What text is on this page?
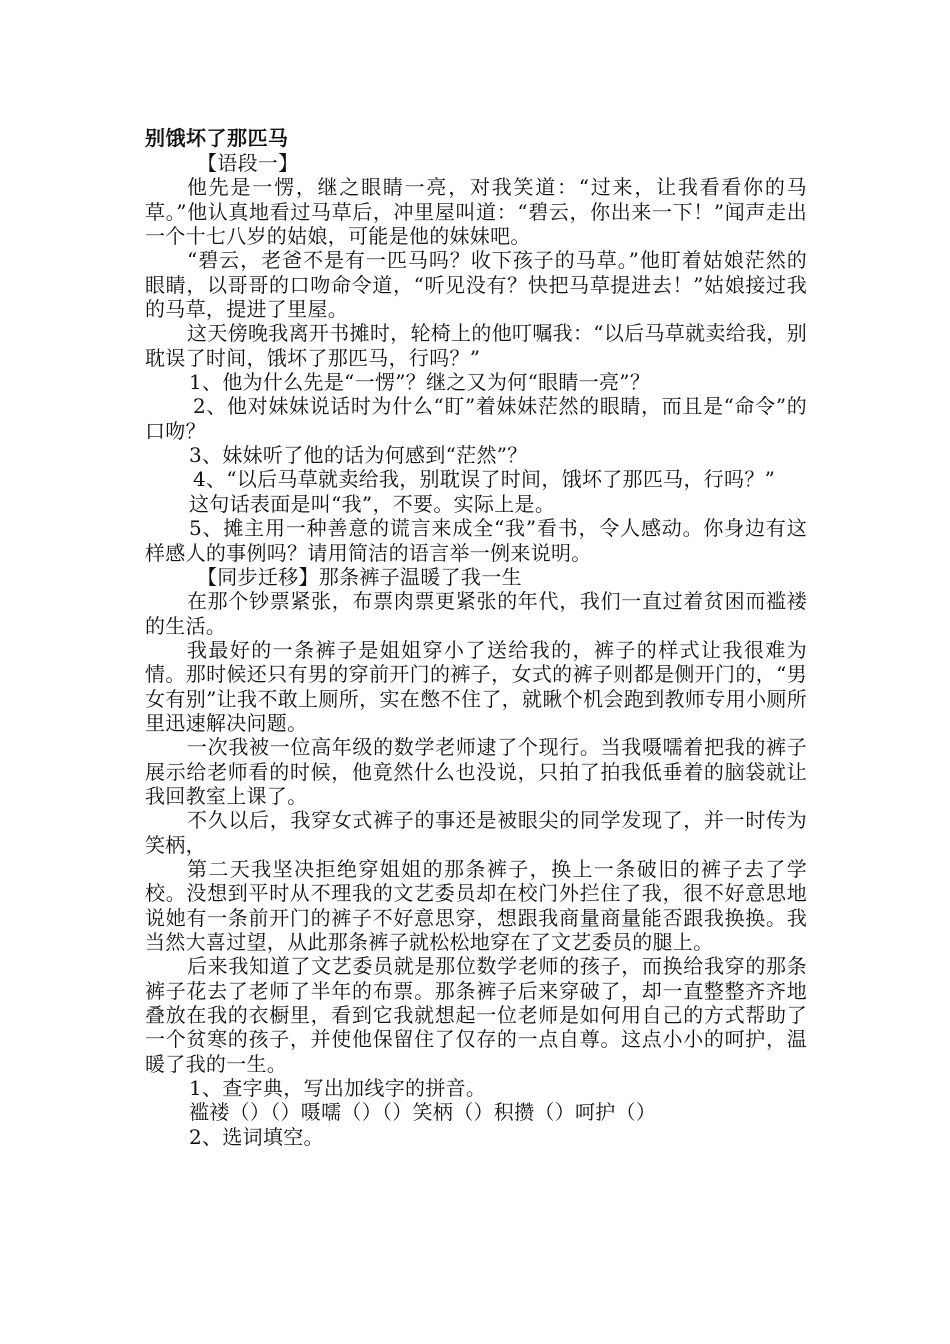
别饿坏了那匹马
【语段一】
他先是一愣，继之眼睛一亮，对我笑道：“过来，让我看看你的马草。”他认真地看过马草后，冲里屋叫道：“碧云，你出来一下！”闻声走出一个十七八岁的姑娘，可能是他的妹妹吧。
“碧云，老爸不是有一匹马吗？收下孩子的马草。”他盯着姑娘茫然的眼睛，以哥哥的口吻命令道，“听见没有？快把马草提进去！”姑娘接过我的马草，提进了里屋。
这天傍晚我离开书摊时，轮椅上的他叮嘱我：“以后马草就卖给我，别耽误了时间，饿坏了那匹马，行吗？”
1、他为什么先是“一愣”？继之又为何“眼睛一亮”？
2、他对妹妹说话时为什么“盯”着妹妹茫然的眼睛，而且是“命令”的口吻？
3、妹妹听了他的话为何感到“茫然”？
4、“以后马草就卖给我，别耽误了时间，饿坏了那匹马，行吗？”
这句话表面是叫“我”，不要。实际上是。
5、摊主用一种善意的谎言来成全“我”看书，令人感动。你身边有这样感人的事例吗？请用简洁的语言举一例来说明。
【同步迁移】那条裤子温暖了我一生
在那个钞票紧张，布票肉票更紧张的年代，我们一直过着贫困而褴褛的生活。
我最好的一条裤子是姐姐穿小了送给我的，裤子的样式让我很难为情。那时候还只有男的穿前开门的裤子，女式的裤子则都是侧开门的，“男女有别”让我不敢上厕所，实在憋不住了，就瞅个机会跑到教师专用小厕所里迅速解决问题。
一次我被一位高年级的数学老师逮了个现行。当我嗫嚅着把我的裤子展示给老师看的时候，他竟然什么也没说，只拍了拍我低垂着的脑袋就让我回教室上课了。
不久以后，我穿女式裤子的事还是被眼尖的同学发现了，并一时传为笑柄，
第二天我坚决拒绝穿姐姐的那条裤子，换上一条破旧的裤子去了学校。没想到平时从不理我的文艺委员却在校门外拦住了我，很不好意思地说她有一条前开门的裤子不好意思穿，想跟我商量商量能否跟我换换。我当然大喜过望，从此那条裤子就松松地穿在了文艺委员的腿上。
后来我知道了文艺委员就是那位数学老师的孩子，而换给我穿的那条裤子花去了老师了半年的布票。那条裤子后来穿破了，却一直整整齐齐地叠放在我的衣橱里，看到它我就想起一位老师是如何用自己的方式帮助了一个贫寒的孩子，并使他保留住了仅存的一点自尊。这点小小的呵护，温暖了我的一生。
1、查字典，写出加线字的拼音。
褴褛（）（）嗫嚅（）（）笑柄（）积攒（）呵护（）
2、选词填空。
